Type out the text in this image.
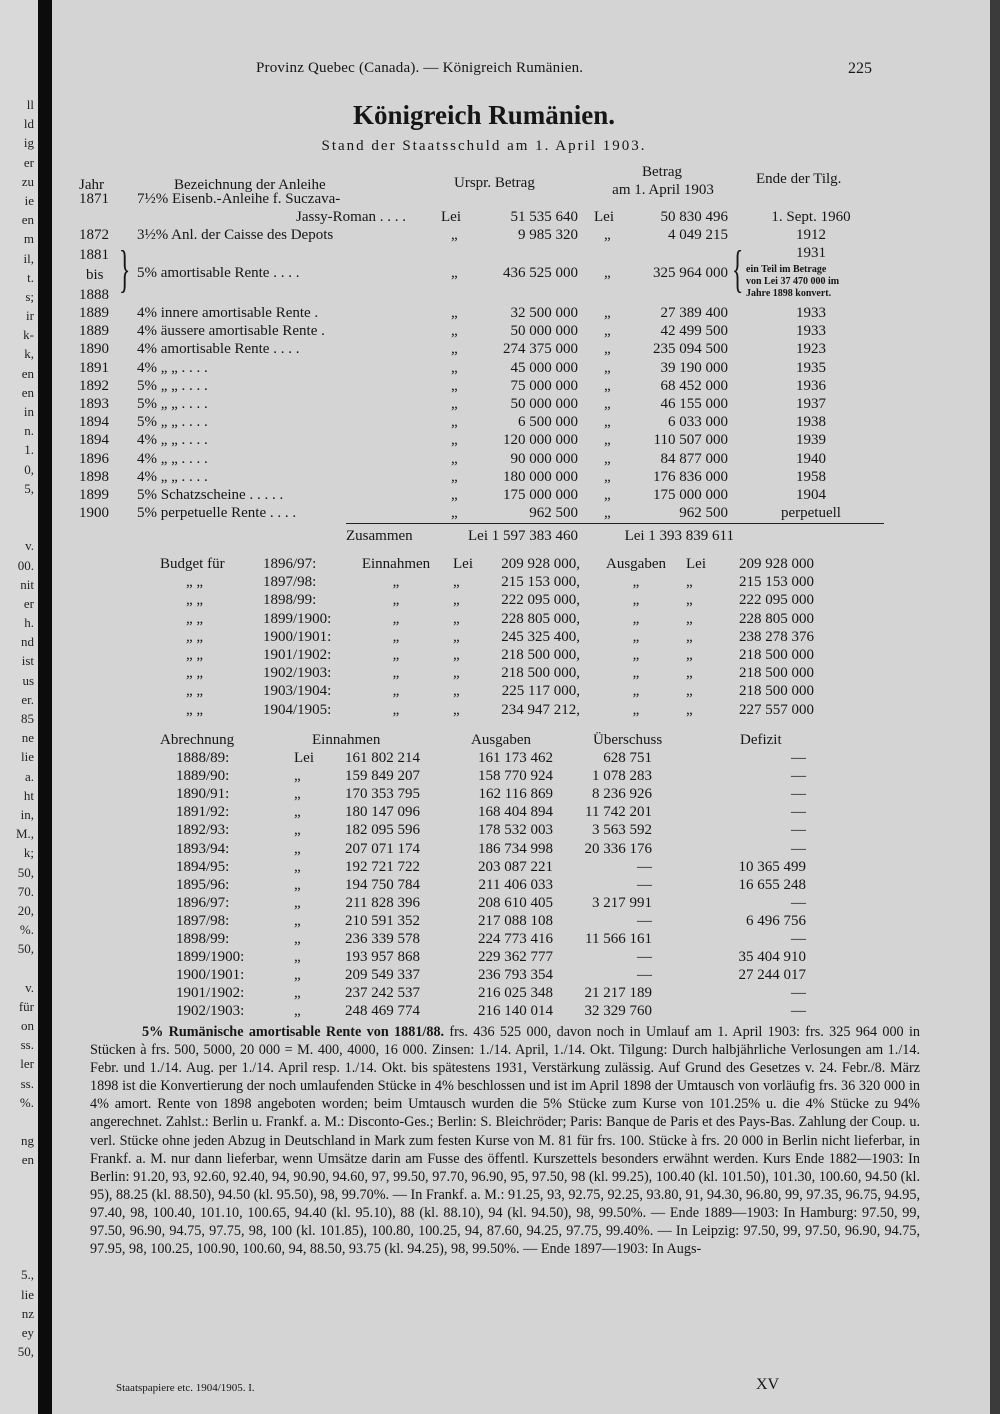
ll
ld
ig
er
zu
ie
en
m
il,
t.
s;
ir
k-
k,
en
en
in
n.
1.
0,
5,
v.
00.
nit
er
h.
nd
ist
us
er.
85
ne
lie
a.
ht
in,
M.,
k;
50,
70.
20,
%.
50,
v.
für
on
ss.
ler
ss.
%.
ng
en
5.,
lie
nz
ey
50,
Provinz Quebec (Canada). — Königreich Rumänien.	225
Königreich Rumänien.
Stand der Staatsschuld am 1. April 1903.
Jahr	Bezeichnung der Anleihe	Urspr. Betrag
Betrag
am 1. April 1903
Ende der Tilg.
1871 7½% Eisenb.-Anleihe f. Suczava-
Jassy-Roman . . . . Lei	51 535 640 Lei	50 830 496	1. Sept. 1960
1872 3½% Anl. der Caisse des Depots	„	9 985 320 „	4 049 215	1912
1881
bis
1888 } 5% amortisable Rente . . . .	„	436 525 000 „	325 964 000 {	1931
ein Teil im Betrage
von Lei 37 470 000 im
Jahre 1898 konvert.
1889 4% innere amortisable Rente .	„	32 500 000 „	27 389 400	1933
1889 4% äussere amortisable Rente .	„	50 000 000 „	42 499 500	1933
1890 4% amortisable Rente . . . .	„	274 375 000 „	235 094 500	1923
1891 4% „ „ . . . .	„	45 000 000 „	39 190 000	1935
1892 5% „ „ . . . .	„	75 000 000 „	68 452 000	1936
1893 5% „ „ . . . .	„	50 000 000 „	46 155 000	1937
1894 5% „ „ . . . .	„	6 500 000 „	6 033 000	1938
1894 4% „ „ . . . .	„	120 000 000 „	110 507 000	1939
1896 4% „ „ . . . .	„	90 000 000 „	84 877 000	1940
1898 4% „ „ . . . .	„	180 000 000 „	176 836 000	1958
1899 5% Schatzscheine . . . . .	„	175 000 000 „	175 000 000	1904
1900 5% perpetuelle Rente . . . .	„	962 500 „	962 500	perpetuell
Zusammen	Lei 1 597 383 460	Lei 1 393 839 611
Budget für	1896/97:	Einnahmen	Lei	209 928 000,	Ausgaben	Lei	209 928 000
„ „	1897/98:	„	„	215 153 000,	„	„	215 153 000
„ „	1898/99:	„	„	222 095 000,	„	„	222 095 000
„ „	1899/1900:	„	„	228 805 000,	„	„	228 805 000
„ „	1900/1901:	„	„	245 325 400,	„	„	238 278 376
„ „	1901/1902:	„	„	218 500 000,	„	„	218 500 000
„ „	1902/1903:	„	„	218 500 000,	„	„	218 500 000
„ „	1903/1904:	„	„	225 117 000,	„	„	218 500 000
„ „	1904/1905:	„	„	234 947 212,	„	„	227 557 000
Abrechnung	Einnahmen	Ausgaben	Überschuss	Defizit
1888/89:	Lei	161 802 214	161 173 462	628 751	—
1889/90:	„	159 849 207	158 770 924	1 078 283	—
1890/91:	„	170 353 795	162 116 869	8 236 926	—
1891/92:	„	180 147 096	168 404 894	11 742 201	—
1892/93:	„	182 095 596	178 532 003	3 563 592	—
1893/94:	„	207 071 174	186 734 998	20 336 176	—
1894/95:	„	192 721 722	203 087 221	—	10 365 499
1895/96:	„	194 750 784	211 406 033	—	16 655 248
1896/97:	„	211 828 396	208 610 405	3 217 991	—
1897/98:	„	210 591 352	217 088 108	—	6 496 756
1898/99:	„	236 339 578	224 773 416	11 566 161	—
1899/1900:	„	193 957 868	229 362 777	—	35 404 910
1900/1901:	„	209 549 337	236 793 354	—	27 244 017
1901/1902:	„	237 242 537	216 025 348	21 217 189	—
1902/1903:	„	248 469 774	216 140 014	32 329 760	—
5% Rumänische amortisable Rente von 1881/88. frs. 436 525 000, davon noch in Umlauf am 1. April 1903: frs. 325 964 000 in Stücken à frs. 500, 5000, 20 000 = M. 400, 4000, 16 000. Zinsen: 1./14. April, 1./14. Okt. Tilgung: Durch halbjährliche Verlosungen am 1./14. Febr. und 1./14. Aug. per 1./14. April resp. 1./14. Okt. bis spätestens 1931, Verstärkung zulässig. Auf Grund des Gesetzes v. 24. Febr./8. März 1898 ist die Konvertierung der noch umlaufenden Stücke in 4% beschlossen und ist im April 1898 der Umtausch von vorläufig frs. 36 320 000 in 4% amort. Rente von 1898 angeboten worden; beim Umtausch wurden die 5% Stücke zum Kurse von 101.25% u. die 4% Stücke zu 94% angerechnet. Zahlst.: Berlin u. Frankf. a. M.: Disconto-Ges.; Berlin: S. Bleichröder; Paris: Banque de Paris et des Pays-Bas. Zahlung der Coup. u. verl. Stücke ohne jeden Abzug in Deutschland in Mark zum festen Kurse von M. 81 für frs. 100. Stücke à frs. 20 000 in Berlin nicht lieferbar, in Frankf. a. M. nur dann lieferbar, wenn Umsätze darin am Fusse des öffentl. Kurszettels besonders erwähnt werden. Kurs Ende 1882—1903: In Berlin: 91.20, 93, 92.60, 92.40, 94, 90.90, 94.60, 97, 99.50, 97.70, 96.90, 95, 97.50, 98 (kl. 99.25), 100.40 (kl. 101.50), 101.30, 100.60, 94.50 (kl. 95), 88.25 (kl. 88.50), 94.50 (kl. 95.50), 98, 99.70%. — In Frankf. a. M.: 91.25, 93, 92.75, 92.25, 93.80, 91, 94.30, 96.80, 99, 97.35, 96.75, 94.95, 97.40, 98, 100.40, 101.10, 100.65, 94.40 (kl. 95.10), 88 (kl. 88.10), 94 (kl. 94.50), 98, 99.50%. — Ende 1889—1903: In Hamburg: 97.50, 99, 97.50, 96.90, 94.75, 97.75, 98, 100 (kl. 101.85), 100.80, 100.25, 94, 87.60, 94.25, 97.75, 99.40%. — In Leipzig: 97.50, 99, 97.50, 96.90, 94.75, 97.95, 98, 100.25, 100.90, 100.60, 94, 88.50, 93.75 (kl. 94.25), 98, 99.50%. — Ende 1897—1903: In Augs-
Staatspapiere etc. 1904/1905. I.	XV
